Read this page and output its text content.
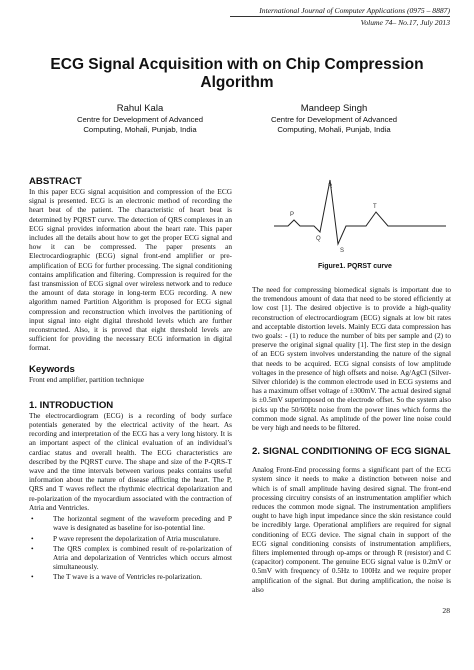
International Journal of Computer Applications (0975 – 8887)
Volume 74– No.17, July 2013
ECG Signal Acquisition with on Chip Compression Algorithm
Rahul Kala
Centre for Development of Advanced
Computing, Mohali, Punjab, India
Mandeep Singh
Centre for Development of Advanced
Computing, Mohali, Punjab, India
ABSTRACT

In this paper ECG signal acquisition and compression of the ECG signal is presented. ECG is an electronic method of recording the heart beat of the patient. The characteristic of heart beat is determined by PQRST curve. The detection of QRS complexes in an ECG signal provides information about the heart rate. This paper includes all the details about how to get the proper ECG signal and how it can be compressed. The paper presents an Electrocardiographic (ECG) signal front-end amplifier or pre-amplification of ECG for further processing. The signal conditioning contains amplification and filtering. Compression is required for the fast transmission of ECG signal over wireless network and to reduce the amount of data storage in long-term ECG recording. A new algorithm named Partition Algorithm is proposed for ECG signal compression and reconstruction which involves the partitioning of input signal into eight digital threshold levels which are further reconstructed. Also, it is proved that eight threshold levels are sufficient for providing the necessary ECG information in digital format.

Keywords

Front end amplifier, partition technique

1. INTRODUCTION

The electrocardiogram (ECG) is a recording of body surface potentials generated by the electrical activity of the heart. As recording and interpretation of the ECG has a very long history. It is an important aspect of the clinical evaluation of an individual’s cardiac status and overall health. The ECG characteristics are described by the PQRST curve. The shape and size of the P-QRS-T wave and the time intervals between various peaks contains useful information about the nature of disease afflicting the heart. The P, QRS and T waves reflect the rhythmic electrical depolarization and re-polarization of the myocardium associated with the contraction of Atria and Ventricles.

•	The horizontal segment of the waveform preceding and P wave is designated as baseline for iso-potential line.
•	P wave represent the depolarization of Atria musculature.
•	The QRS complex is combined result of re-polarization of Atria and depolarization of Ventricles which occurs almost simultaneously.
•	The T wave is a wave of Ventricles re-polarization.
R
P
Q
S
T
Figure1. PQRST curve

The need for compressing biomedical signals is important due to the tremendous amount of data that need to be stored efficiently at low cost [1]. The desired objective is to provide a high-quality reconstruction of electrocardiogram (ECG) signals at low bit rates and acceptable distortion levels. Mainly ECG data compression has two goals: - (1) to reduce the number of bits per sample and (2) to preserve the original signal quality [1]. The first step in the design of an ECG system involves understanding the nature of the signal that needs to be acquired. ECG signal consists of low amplitude voltages in the presence of high offsets and noise. Ag/AgCl (Silver-Silver chloride) is the common electrode used in ECG systems and has a maximum offset voltage of ±300mV. The actual desired signal is ±0.5mV superimposed on the electrode offset. So the system also picks up the 50/60Hz noise from the power lines which forms the common mode signal. As amplitude of the power line noise could be very high and needs to be filtered.

2. SIGNAL CONDITIONING OF ECG SIGNAL

Analog Front-End processing forms a significant part of the ECG system since it needs to make a distinction between noise and which is of small amplitude having desired signal. The front-end processing circuitry consists of an instrumentation amplifier which reduces the common mode signal. The instrumentation amplifiers ought to have high input impedance since the skin resistance could be incredibly large. Operational amplifiers are required for signal conditioning of ECG device. The signal chain in support of the ECG signal conditioning consists of instrumentation amplifiers, filters implemented through op-amps or through R (resistor) and C (capacitor) component. The genuine ECG signal value is 0.2mV or 0.5mV with frequency of 0.5Hz to 100Hz and we require proper amplification of the signal. But during amplification, the noise is also

28
